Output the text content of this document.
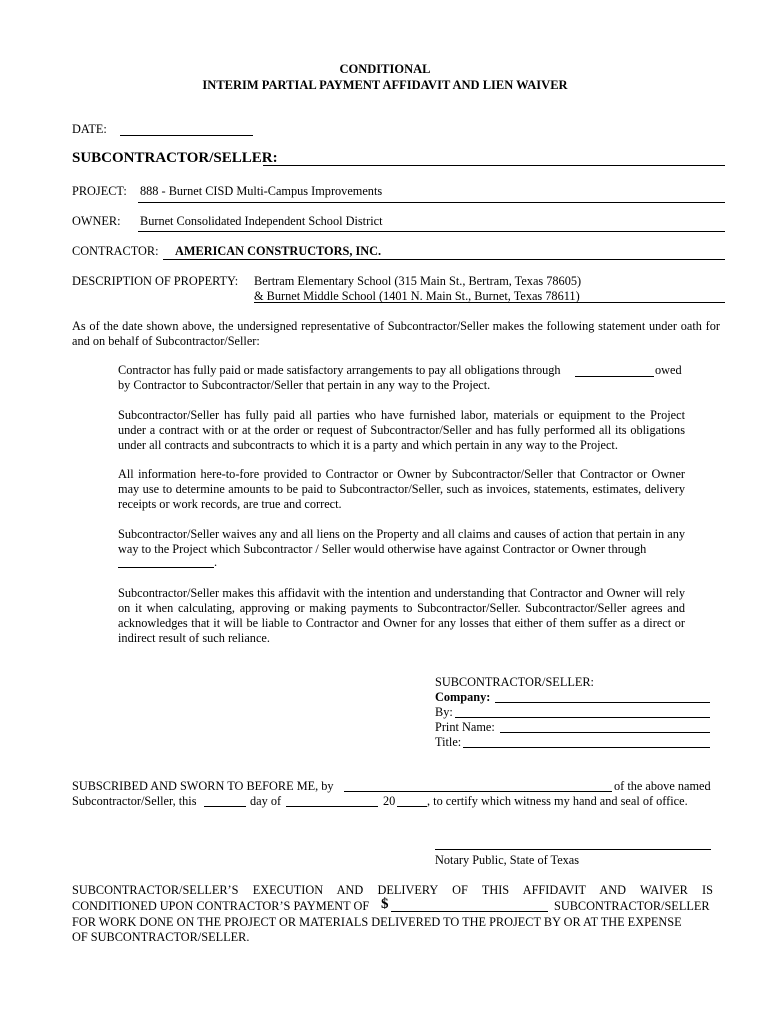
CONDITIONAL
INTERIM PARTIAL PAYMENT AFFIDAVIT AND LIEN WAIVER
DATE:
SUBCONTRACTOR/SELLER:
PROJECT: 888 - Burnet CISD Multi-Campus Improvements
OWNER: Burnet Consolidated Independent School District
CONTRACTOR: AMERICAN CONSTRUCTORS, INC.
DESCRIPTION OF PROPERTY: Bertram Elementary School (315 Main St., Bertram, Texas 78605)
& Burnet Middle School (1401 N. Main St., Burnet, Texas 78611)
As of the date shown above, the undersigned representative of Subcontractor/Seller makes the following statement under oath for and on behalf of Subcontractor/Seller:
Contractor has fully paid or made satisfactory arrangements to pay all obligations through	owed
by Contractor to Subcontractor/Seller that pertain in any way to the Project.
Subcontractor/Seller has fully paid all parties who have furnished labor, materials or equipment to the Project under a contract with or at the order or request of Subcontractor/Seller and has fully performed all its obligations under all contracts and subcontracts to which it is a party and which pertain in any way to the Project.
All information here-to-fore provided to Contractor or Owner by Subcontractor/Seller that Contractor or Owner may use to determine amounts to be paid to Subcontractor/Seller, such as invoices, statements, estimates, delivery receipts or work records, are true and correct.
Subcontractor/Seller waives any and all liens on the Property and all claims and causes of action that pertain in any way to the Project which Subcontractor / Seller would otherwise have against Contractor or Owner through
.
Subcontractor/Seller makes this affidavit with the intention and understanding that Contractor and Owner will rely on it when calculating, approving or making payments to Subcontractor/Seller. Subcontractor/Seller agrees and acknowledges that it will be liable to Contractor and Owner for any losses that either of them suffer as a direct or indirect result of such reliance.
SUBCONTRACTOR/SELLER:
Company:
By:
Print Name:
Title:
SUBSCRIBED AND SWORN TO BEFORE ME, by	of the above named
Subcontractor/Seller, this	day of	20	, to certify which witness my hand and seal of office.
Notary Public, State of Texas
SUBCONTRACTOR/SELLER’S EXECUTION AND DELIVERY OF THIS AFFIDAVIT AND WAIVER IS
CONDITIONED UPON CONTRACTOR’S PAYMENT OF $	SUBCONTRACTOR/SELLER
FOR WORK DONE ON THE PROJECT OR MATERIALS DELIVERED TO THE PROJECT BY OR AT THE EXPENSE
OF SUBCONTRACTOR/SELLER.
